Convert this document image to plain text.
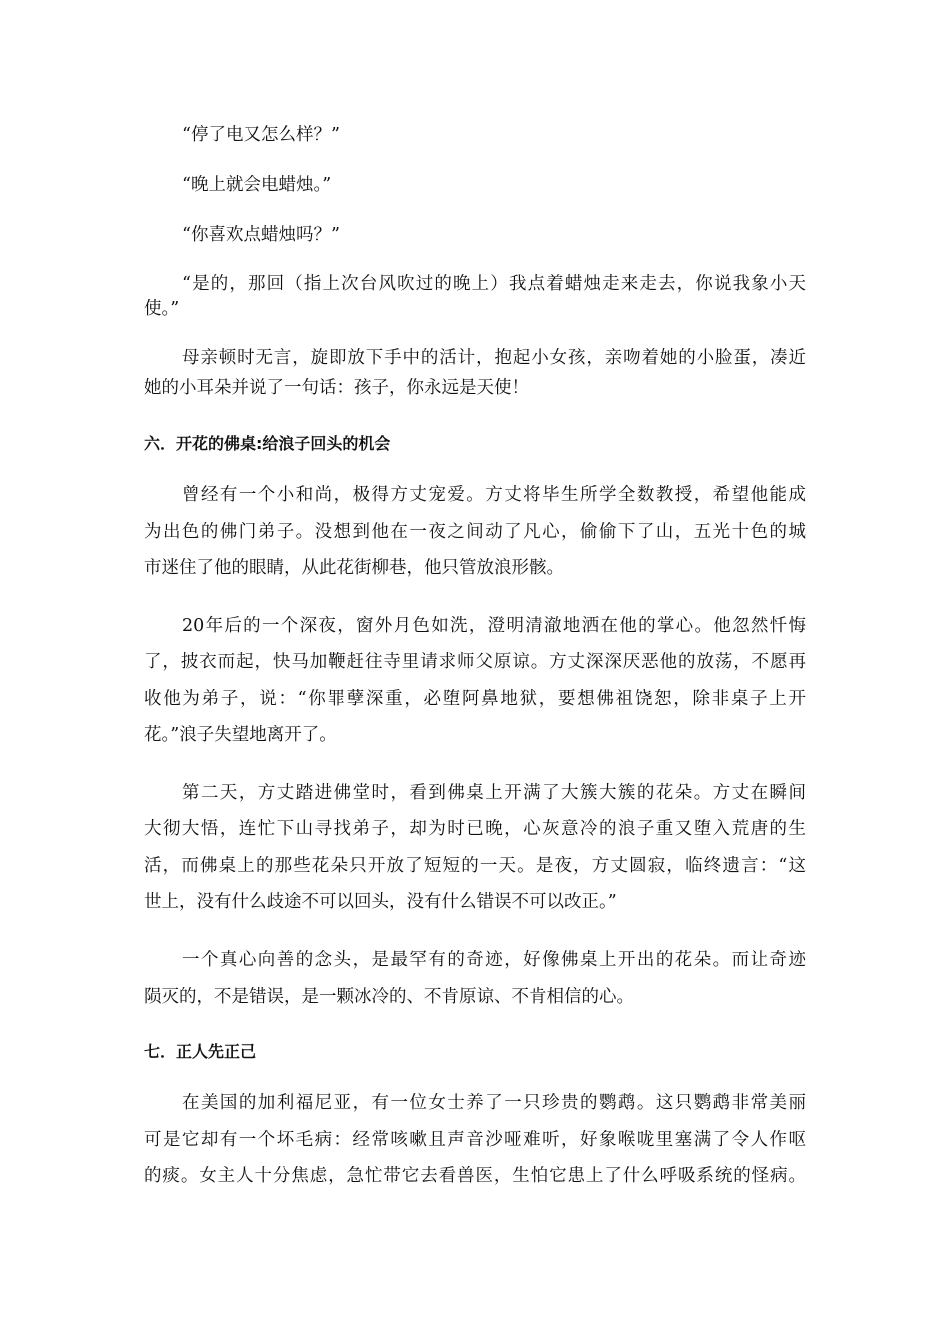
“停了电又怎么样？”
“晚上就会电蜡烛。”
“你喜欢点蜡烛吗？”
“是的，那回（指上次台风吹过的晚上）我点着蜡烛走来走去，你说我象小天
使。”
母亲顿时无言，旋即放下手中的活计，抱起小女孩，亲吻着她的小脸蛋，凑近
她的小耳朵并说了一句话：孩子，你永远是天使！
六．开花的佛桌:给浪子回头的机会
曾经有一个小和尚，极得方丈宠爱。方丈将毕生所学全数教授，希望他能成
为出色的佛门弟子。没想到他在一夜之间动了凡心，偷偷下了山，五光十色的城
市迷住了他的眼睛，从此花街柳巷，他只管放浪形骸。
20年后的一个深夜，窗外月色如洗，澄明清澈地洒在他的掌心。他忽然忏悔
了，披衣而起，快马加鞭赶往寺里请求师父原谅。方丈深深厌恶他的放荡，不愿再
收他为弟子，说：“你罪孽深重，必堕阿鼻地狱，要想佛祖饶恕，除非桌子上开
花。”浪子失望地离开了。
第二天，方丈踏进佛堂时，看到佛桌上开满了大簇大簇的花朵。方丈在瞬间
大彻大悟，连忙下山寻找弟子，却为时已晚，心灰意冷的浪子重又堕入荒唐的生
活，而佛桌上的那些花朵只开放了短短的一天。是夜，方丈圆寂，临终遗言：“这
世上，没有什么歧途不可以回头，没有什么错误不可以改正。”
一个真心向善的念头，是最罕有的奇迹，好像佛桌上开出的花朵。而让奇迹
陨灭的，不是错误，是一颗冰冷的、不肯原谅、不肯相信的心。
七．正人先正己
在美国的加利福尼亚，有一位女士养了一只珍贵的鹦鹉。这只鹦鹉非常美丽
可是它却有一个坏毛病：经常咳嗽且声音沙哑难听，好象喉咙里塞满了令人作呕
的痰。女主人十分焦虑，急忙带它去看兽医，生怕它患上了什么呼吸系统的怪病。
